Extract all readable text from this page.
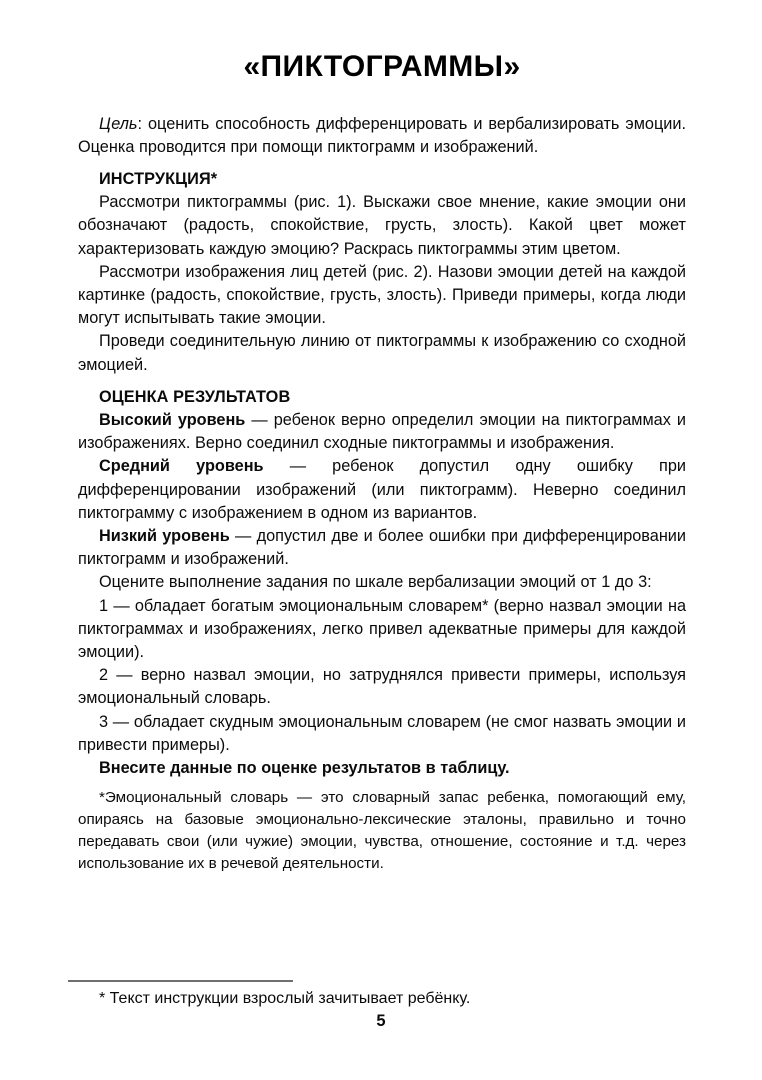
«ПИКТОГРАММЫ»

Цель: оценить способность дифференцировать и вербализировать эмоции. Оценка проводится при помощи пиктограмм и изображений.

ИНСТРУКЦИЯ*

Рассмотри пиктограммы (рис. 1). Выскажи свое мнение, какие эмоции они обозначают (радость, спокойствие, грусть, злость). Какой цвет может характеризовать каждую эмоцию? Раскрась пиктограммы этим цветом.

Рассмотри изображения лиц детей (рис. 2). Назови эмоции детей на каждой картинке (радость, спокойствие, грусть, злость). Приведи примеры, когда люди могут испытывать такие эмоции.

Проведи соединительную линию от пиктограммы к изображению со сходной эмоцией.

ОЦЕНКА РЕЗУЛЬТАТОВ

Высокий уровень — ребенок верно определил эмоции на пиктограммах и изображениях. Верно соединил сходные пиктограммы и изображения.

Средний уровень — ребенок допустил одну ошибку при дифференцировании изображений (или пиктограмм). Неверно соединил пиктограмму с изображением в одном из вариантов.

Низкий уровень — допустил две и более ошибки при дифференцировании пиктограмм и изображений.

Оцените выполнение задания по шкале вербализации эмоций от 1 до 3:

1 — обладает богатым эмоциональным словарем* (верно назвал эмоции на пиктограммах и изображениях, легко привел адекватные примеры для каждой эмоции).

2 — верно назвал эмоции, но затруднялся привести примеры, используя эмоциональный словарь.

3 — обладает скудным эмоциональным словарем (не смог назвать эмоции и привести примеры).

Внесите данные по оценке результатов в таблицу.

*Эмоциональный словарь — это словарный запас ребенка, помогающий ему, опираясь на базовые эмоционально-лексические эталоны, правильно и точно передавать свои (или чужие) эмоции, чувства, отношение, состояние и т.д. через использование их в речевой деятельности.

* Текст инструкции взрослый зачитывает ребёнку.
5
